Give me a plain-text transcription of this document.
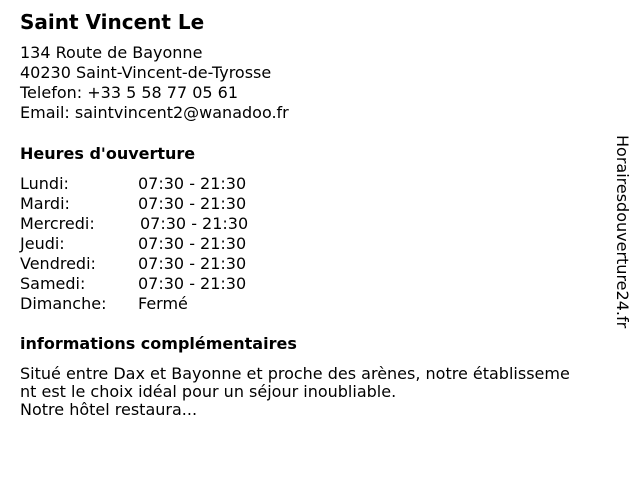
Saint Vincent Le
134 Route de Bayonne
40230 Saint-Vincent-de-Tyrosse
Telefon: +33 5 58 77 05 61
Email: saintvincent2@wanadoo.fr
Heures d'ouverture
Lundi:	07:30 - 21:30
Mardi:	07:30 - 21:30
Mercredi:	07:30 - 21:30
Jeudi:	07:30 - 21:30
Vendredi:	07:30 - 21:30
Samedi:	07:30 - 21:30
Dimanche: Fermé
informations complémentaires
Situé entre Dax et Bayonne et proche des arènes, notre établisseme
nt est le choix idéal pour un séjour inoubliable.
Notre hôtel restaura...
Horairesdouverture24.fr
